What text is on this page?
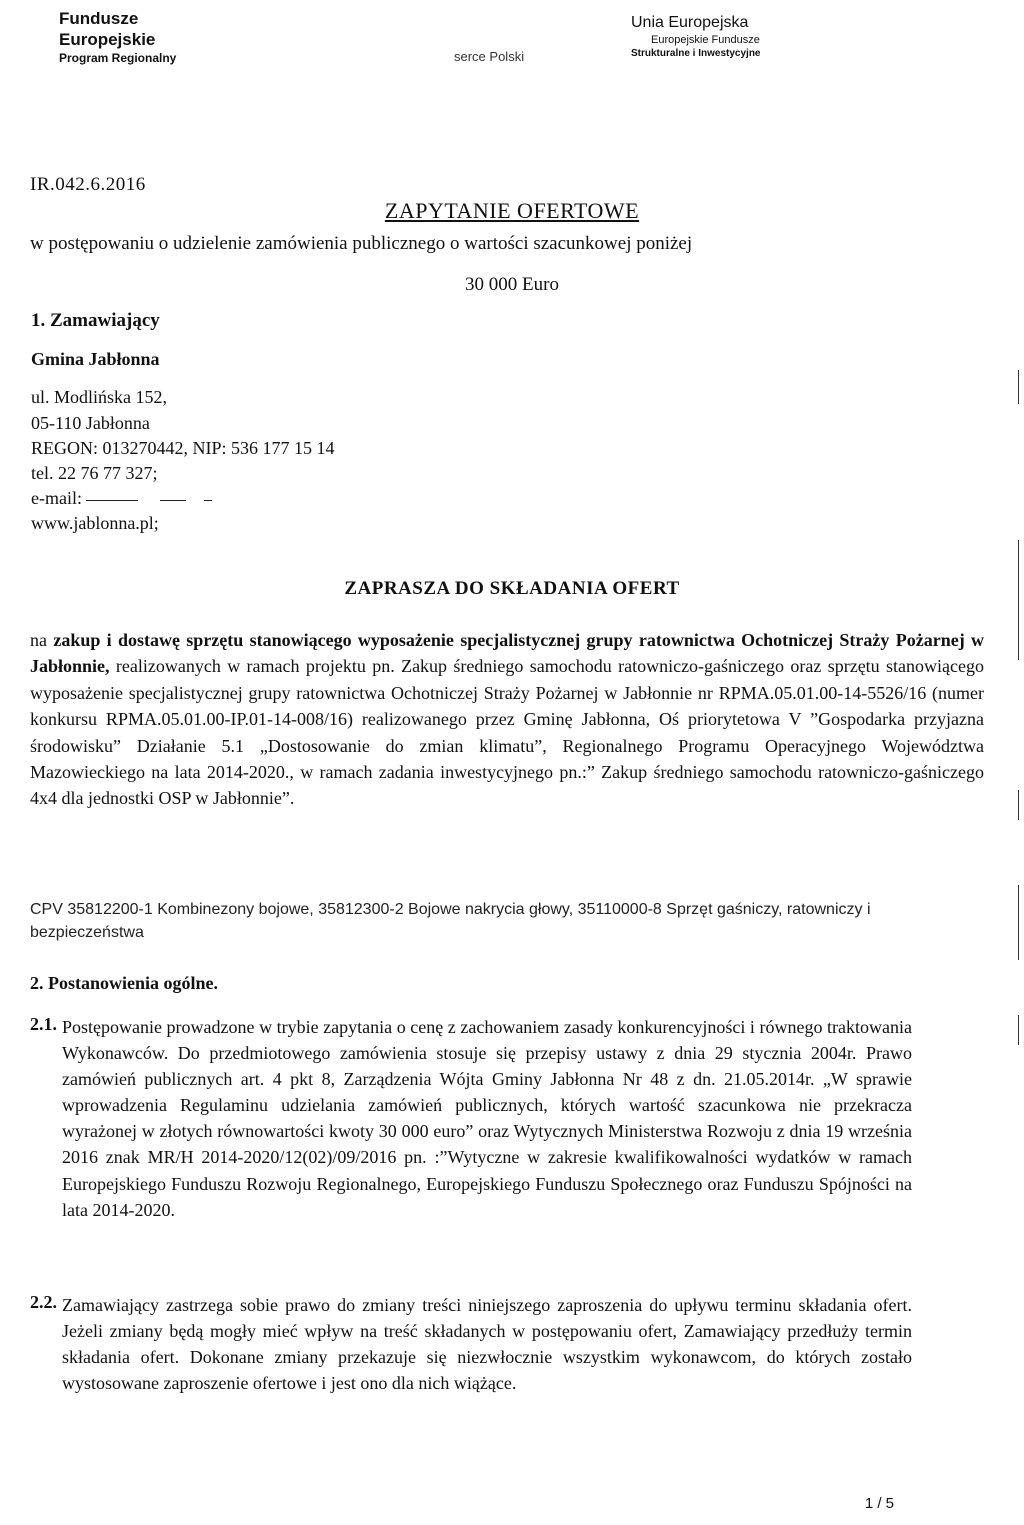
Fundusze
Europejskie
Program Regionalny	serce Polski
Unia Europejska
Europejskie Fundusze
Strukturalne i Inwestycyjne
IR.042.6.2016
ZAPYTANIE OFERTOWE
w postępowaniu o udzielenie zamówienia publicznego o wartości szacunkowej poniżej
30 000 Euro
1. Zamawiający
Gmina Jabłonna
ul. Modlińska 152,
05-110 Jabłonna
REGON: 013270442, NIP: 536 177 15 14
tel. 22 76 77 327;
e-mail:
www.jablonna.pl;
ZAPRASZA DO SKŁADANIA OFERT
na zakup i dostawę sprzętu stanowiącego wyposażenie specjalistycznej grupy ratownictwa Ochotniczej Straży Pożarnej w Jabłonnie, realizowanych w ramach projektu pn. Zakup średniego samochodu ratowniczo-gaśniczego oraz sprzętu stanowiącego wyposażenie specjalistycznej grupy ratownictwa Ochotniczej Straży Pożarnej w Jabłonnie nr RPMA.05.01.00-14-5526/16 (numer konkursu RPMA.05.01.00-IP.01-14-008/16) realizowanego przez Gminę Jabłonna, Oś priorytetowa V ”Gospodarka przyjazna środowisku” Działanie 5.1 „Dostosowanie do zmian klimatu”, Regionalnego Programu Operacyjnego Województwa Mazowieckiego na lata 2014-2020., w ramach zadania inwestycyjnego pn.:” Zakup średniego samochodu ratowniczo-gaśniczego 4x4 dla jednostki OSP w Jabłonnie”.
CPV 35812200-1 Kombinezony bojowe, 35812300-2 Bojowe nakrycia głowy, 35110000-8 Sprzęt gaśniczy, ratowniczy i bezpieczeństwa
2. Postanowienia ogólne.
2.1. Postępowanie prowadzone w trybie zapytania o cenę z zachowaniem zasady konkurencyjności i równego traktowania Wykonawców. Do przedmiotowego zamówienia stosuje się przepisy ustawy z dnia 29 stycznia 2004r. Prawo zamówień publicznych art. 4 pkt 8, Zarządzenia Wójta Gminy Jabłonna Nr 48 z dn. 21.05.2014r. „W sprawie wprowadzenia Regulaminu udzielania zamówień publicznych, których wartość szacunkowa nie przekracza wyrażonej w złotych równowartości kwoty 30 000 euro” oraz Wytycznych Ministerstwa Rozwoju z dnia 19 września 2016 znak MR/H 2014-2020/12(02)/09/2016 pn. :”Wytyczne w zakresie kwalifikowalności wydatków w ramach Europejskiego Funduszu Rozwoju Regionalnego, Europejskiego Funduszu Społecznego oraz Funduszu Spójności na lata 2014-2020.
2.2. Zamawiający zastrzega sobie prawo do zmiany treści niniejszego zaproszenia do upływu terminu składania ofert. Jeżeli zmiany będą mogły mieć wpływ na treść składanych w postępowaniu ofert, Zamawiający przedłuży termin składania ofert. Dokonane zmiany przekazuje się niezwłocznie wszystkim wykonawcom, do których zostało wystosowane zaproszenie ofertowe i jest ono dla nich wiążące.
1 / 5
